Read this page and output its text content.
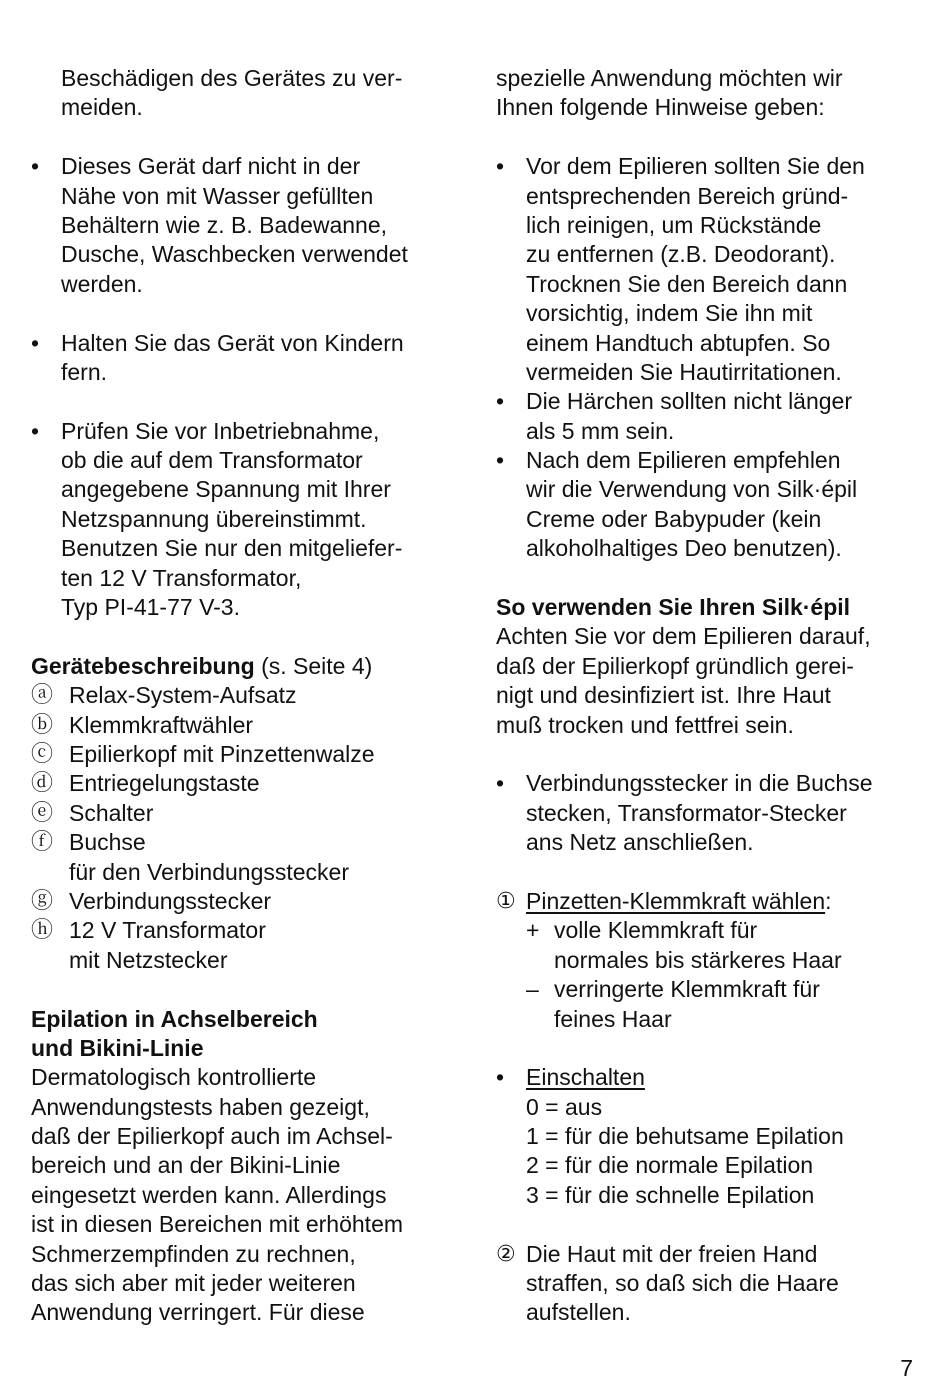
Beschädigen des Gerätes zu ver-
meiden.
• Dieses Gerät darf nicht in der
Nähe von mit Wasser gefüllten
Behältern wie z. B. Badewanne,
Dusche, Waschbecken verwendet
werden.
• Halten Sie das Gerät von Kindern
fern.
• Prüfen Sie vor Inbetriebnahme,
ob die auf dem Transformator
angegebene Spannung mit Ihrer
Netzspannung übereinstimmt.
Benutzen Sie nur den mitgeliefer-
ten 12 V Transformator,
Typ PI-41-77 V-3.
Gerätebeschreibung (s. Seite 4)
ⓐ Relax-System-Aufsatz
ⓑ Klemmkraftwähler
ⓒ Epilierkopf mit Pinzettenwalze
ⓓ Entriegelungstaste
ⓔ Schalter
ⓕ Buchse
für den Verbindungsstecker
ⓖ Verbindungsstecker
ⓗ 12 V Transformator
mit Netzstecker
Epilation in Achselbereich
und Bikini-Linie
Dermatologisch kontrollierte
Anwendungstests haben gezeigt,
daß der Epilierkopf auch im Achsel-
bereich und an der Bikini-Linie
eingesetzt werden kann. Allerdings
ist in diesen Bereichen mit erhöhtem
Schmerzempfinden zu rechnen,
das sich aber mit jeder weiteren
Anwendung verringert. Für diese
spezielle Anwendung möchten wir
Ihnen folgende Hinweise geben:
• Vor dem Epilieren sollten Sie den
entsprechenden Bereich gründ-
lich reinigen, um Rückstände
zu entfernen (z.B. Deodorant).
Trocknen Sie den Bereich dann
vorsichtig, indem Sie ihn mit
einem Handtuch abtupfen. So
vermeiden Sie Hautirritationen.
• Die Härchen sollten nicht länger
als 5 mm sein.
• Nach dem Epilieren empfehlen
wir die Verwendung von Silk·épil
Creme oder Babypuder (kein
alkoholhaltiges Deo benutzen).
So verwenden Sie Ihren Silk·épil
Achten Sie vor dem Epilieren darauf,
daß der Epilierkopf gründlich gerei-
nigt und desinfiziert ist. Ihre Haut
muß trocken und fettfrei sein.
• Verbindungsstecker in die Buchse
stecken, Transformator-Stecker
ans Netz anschließen.
① Pinzetten-Klemmkraft wählen:
+ volle Klemmkraft für
normales bis stärkeres Haar
– verringerte Klemmkraft für
feines Haar
• Einschalten
0 = aus
1 = für die behutsame Epilation
2 = für die normale Epilation
3 = für die schnelle Epilation
② Die Haut mit der freien Hand
straffen, so daß sich die Haare
aufstellen.
7
